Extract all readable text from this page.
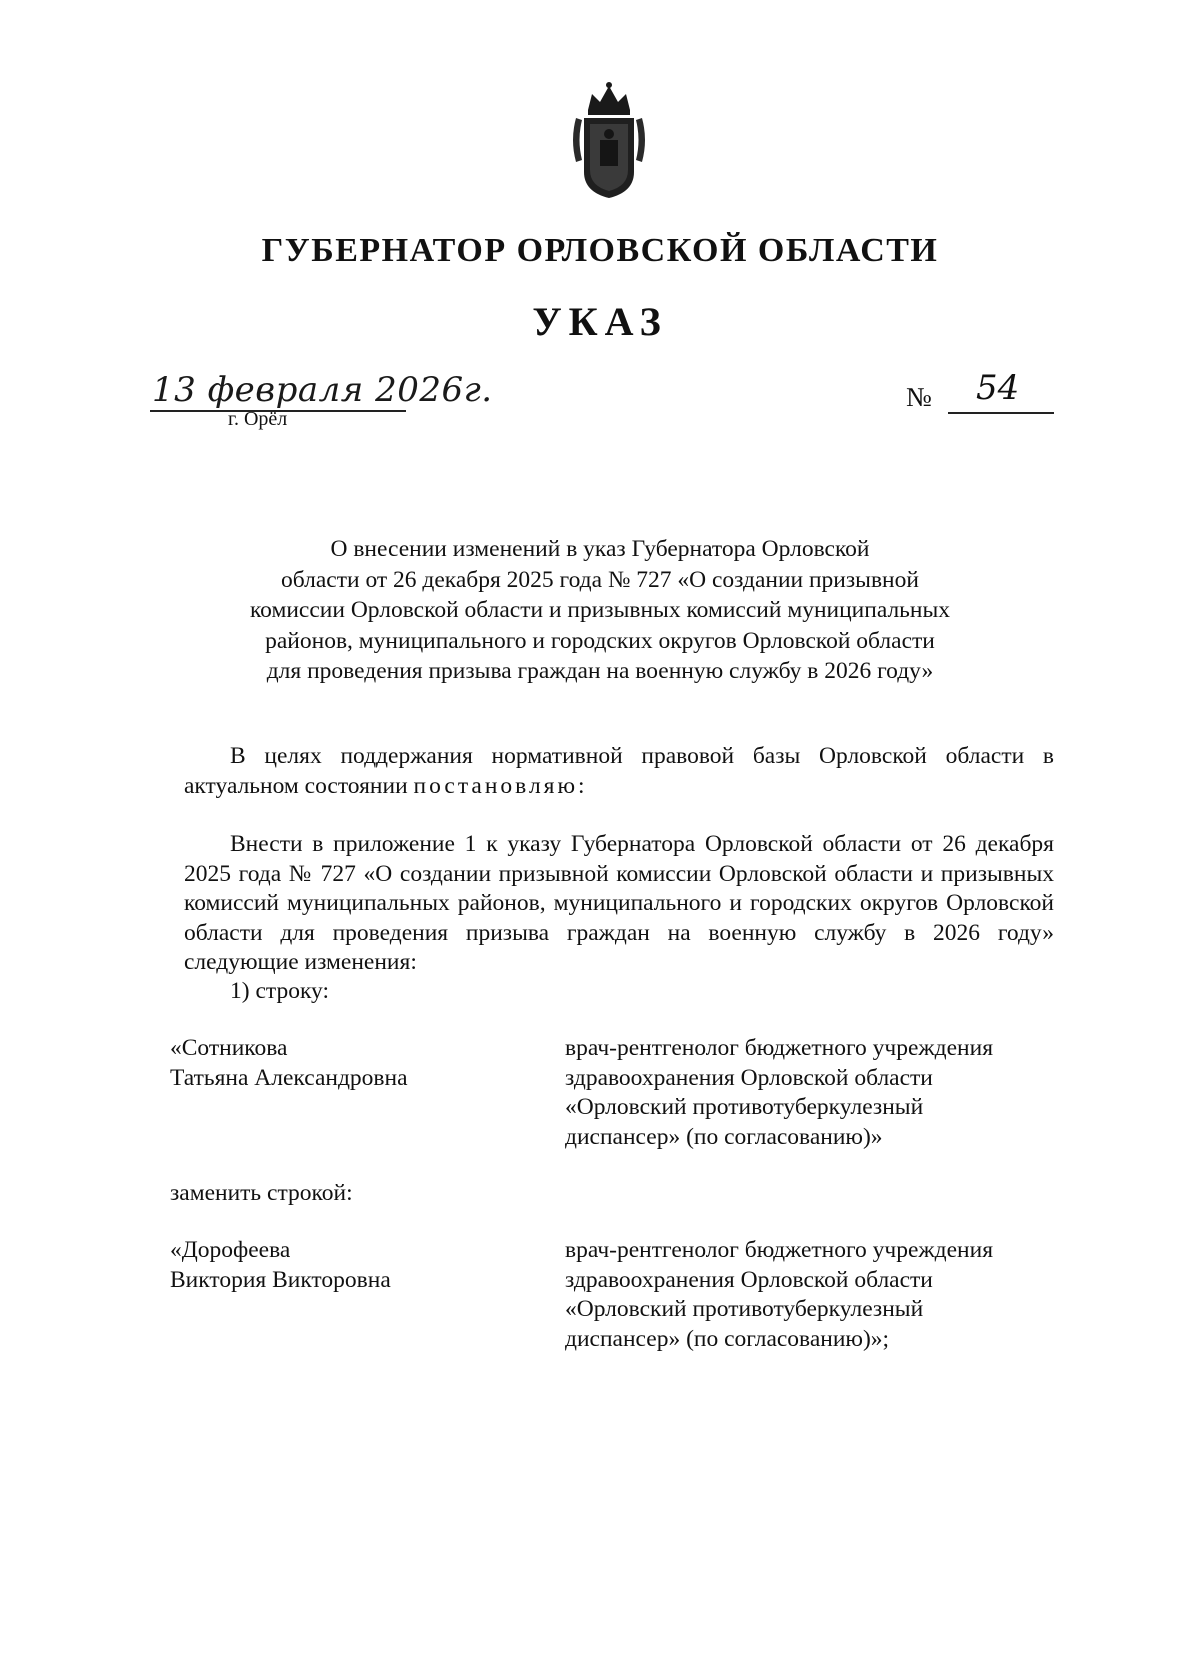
ГУБЕРНАТОР ОРЛОВСКОЙ ОБЛАСТИ
УКАЗ
13 февраля 2026г.
г. Орёл
№ 54
О внесении изменений в указ Губернатора Орловской
области от 26 декабря 2025 года № 727 «О создании призывной
комиссии Орловской области и призывных комиссий муниципальных
районов, муниципального и городских округов Орловской области
для проведения призыва граждан на военную службу в 2026 году»

В целях поддержания нормативной правовой базы Орловской области в актуальном состоянии постановляю:

Внести в приложение 1 к указу Губернатора Орловской области от 26 декабря 2025 года № 727 «О создании призывной комиссии Орловской области и призывных комиссий муниципальных районов, муниципального и городских округов Орловской области для проведения призыва граждан на военную службу в 2026 году» следующие изменения:

1) строку:
«Сотникова
Татьяна Александровна
врач-рентгенолог бюджетного учреждения
здравоохранения Орловской области
«Орловский противотуберкулезный
диспансер» (по согласованию)»
заменить строкой:
«Дорофеева
Виктория Викторовна
врач-рентгенолог бюджетного учреждения
здравоохранения Орловской области
«Орловский противотуберкулезный
диспансер» (по согласованию)»;
